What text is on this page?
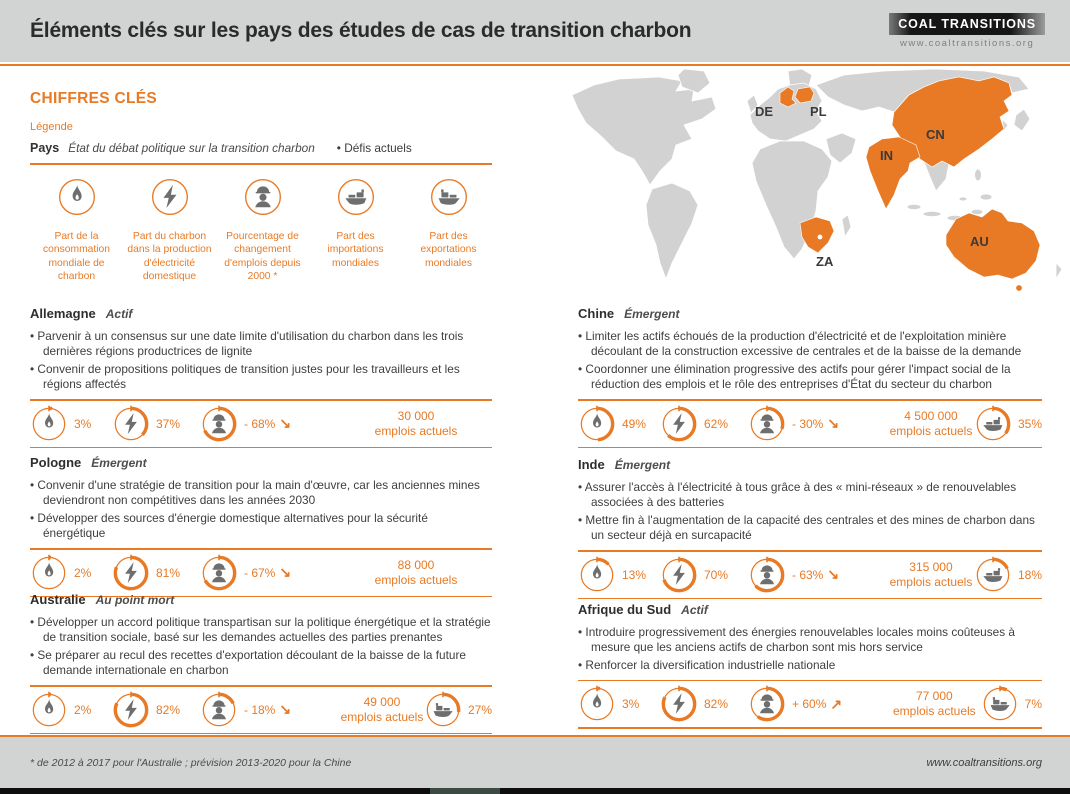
Éléments clés sur les pays des études de cas de transition charbon	COAL TRANSITIONS
www.coaltransitions.org
CHIFFRES CLÉS
Légende
Pays État du débat politique sur la transition charbon	• Défis actuels
Part de la consommation mondiale de charbon
Part du charbon dans la production d'électricité domestique
Pourcentage de changement d'emplois depuis 2000 *
Part des importations mondiales
Part des exportations mondiales
DE	PL
CN
IN
ZA
AU
Allemagne Actif
• Parvenir à un consensus sur une date limite d'utilisation du charbon dans les trois dernières régions productrices de lignite
• Convenir de propositions politiques de transition justes pour les travailleurs et les régions affectés
3%	37%	- 68% ↘	30 000
emplois actuels
Pologne Émergent
• Convenir d'une stratégie de transition pour la main d'œuvre, car les anciennes mines deviendront non compétitives dans les années 2030
• Développer des sources d'énergie domestique alternatives pour la sécurité énergétique
2%	81%	- 67% ↘	88 000
emplois actuels
Australie Au point mort
• Développer un accord politique transpartisan sur la politique énergétique et la stratégie de transition sociale, basé sur les demandes actuelles des parties prenantes
• Se préparer au recul des recettes d'exportation découlant de la baisse de la future demande internationale en charbon
2%	82%	- 18% ↘	49 000
emplois actuels	27%
Chine Émergent
• Limiter les actifs échoués de la production d'électricité et de l'exploitation minière découlant de la construction excessive de centrales et de la baisse de la demande
• Coordonner une élimination progressive des actifs pour gérer l'impact social de la réduction des emplois et le rôle des entreprises d'État du secteur du charbon
49%	62%	- 30% ↘	4 500 000
emplois actuels	35%
Inde Émergent
• Assurer l'accès à l'électricité à tous grâce à des « mini-réseaux » de renouvelables associées à des batteries
• Mettre fin à l'augmentation de la capacité des centrales et des mines de charbon dans un secteur déjà en surcapacité
13%	70%	- 63% ↘	315 000
emplois actuels	18%
Afrique du Sud Actif
• Introduire progressivement des énergies renouvelables locales moins coûteuses à mesure que les anciens actifs de charbon sont mis hors service
• Renforcer la diversification industrielle nationale
3%	82%	+ 60% ↗	77 000
emplois actuels	7%
* de 2012 à 2017 pour l'Australie ; prévision 2013-2020 pour la Chine	www.coaltransitions.org
